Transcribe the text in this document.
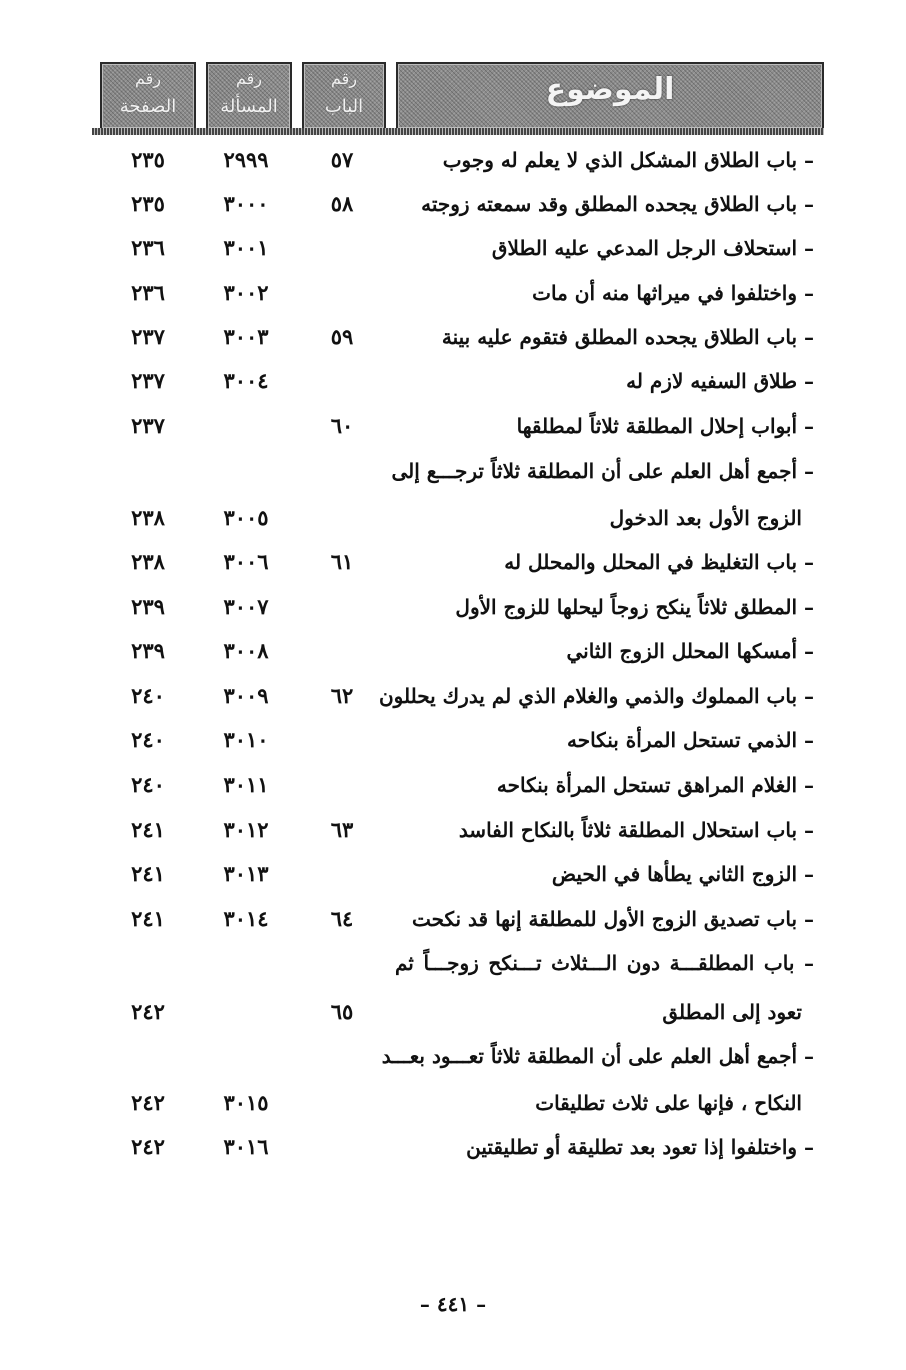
الموضوع
رقم
الباب
رقم
المسألة
رقم
الصفحة
– باب الطلاق المشكل الذي لا يعلم له وجوب
٥٧
٢٩٩٩
٢٣٥
– باب الطلاق يجحده المطلق وقد سمعته زوجته
٥٨
٣٠٠٠
٢٣٥
– استحلاف الرجل المدعي عليه الطلاق
٣٠٠١
٢٣٦
– واختلفوا في ميراثها منه أن مات
٣٠٠٢
٢٣٦
– باب الطلاق يجحده المطلق فتقوم عليه بينة
٥٩
٣٠٠٣
٢٣٧
– طلاق السفيه لازم له
٣٠٠٤
٢٣٧
– أبواب إحلال المطلقة ثلاثاً لمطلقها
٦٠
٢٣٧
– أجمع أهل العلم على أن المطلقة ثلاثاً ترجـــع إلى
الزوج الأول بعد الدخول
٣٠٠٥
٢٣٨
– باب التغليظ في المحلل والمحلل له
٦١
٣٠٠٦
٢٣٨
– المطلق ثلاثاً ينكح زوجاً ليحلها للزوج الأول
٣٠٠٧
٢٣٩
– أمسكها المحلل الزوج الثاني
٣٠٠٨
٢٣٩
– باب المملوك والذمي والغلام الذي لم يدرك يحللون
٦٢
٣٠٠٩
٢٤٠
– الذمي تستحل المرأة بنكاحه
٣٠١٠
٢٤٠
– الغلام المراهق تستحل المرأة بنكاحه
٣٠١١
٢٤٠
– باب استحلال المطلقة ثلاثاً بالنكاح الفاسد
٦٣
٣٠١٢
٢٤١
– الزوج الثاني يطأها في الحيض
٣٠١٣
٢٤١
– باب تصديق الزوج الأول للمطلقة إنها قد نكحت
٦٤
٣٠١٤
٢٤١
– باب المطلقـــة دون الـــثلاث تـــنكح زوجـــاً ثم
تعود إلى المطلق
٦٥
٢٤٢
– أجمع أهل العلم على أن المطلقة ثلاثاً تعـــود بعـــد
النكاح ، فإنها على ثلاث تطليقات
٣٠١٥
٢٤٢
– واختلفوا إذا تعود بعد تطليقة أو تطليقتين
٣٠١٦
٢٤٢
– ٤٤١ –
